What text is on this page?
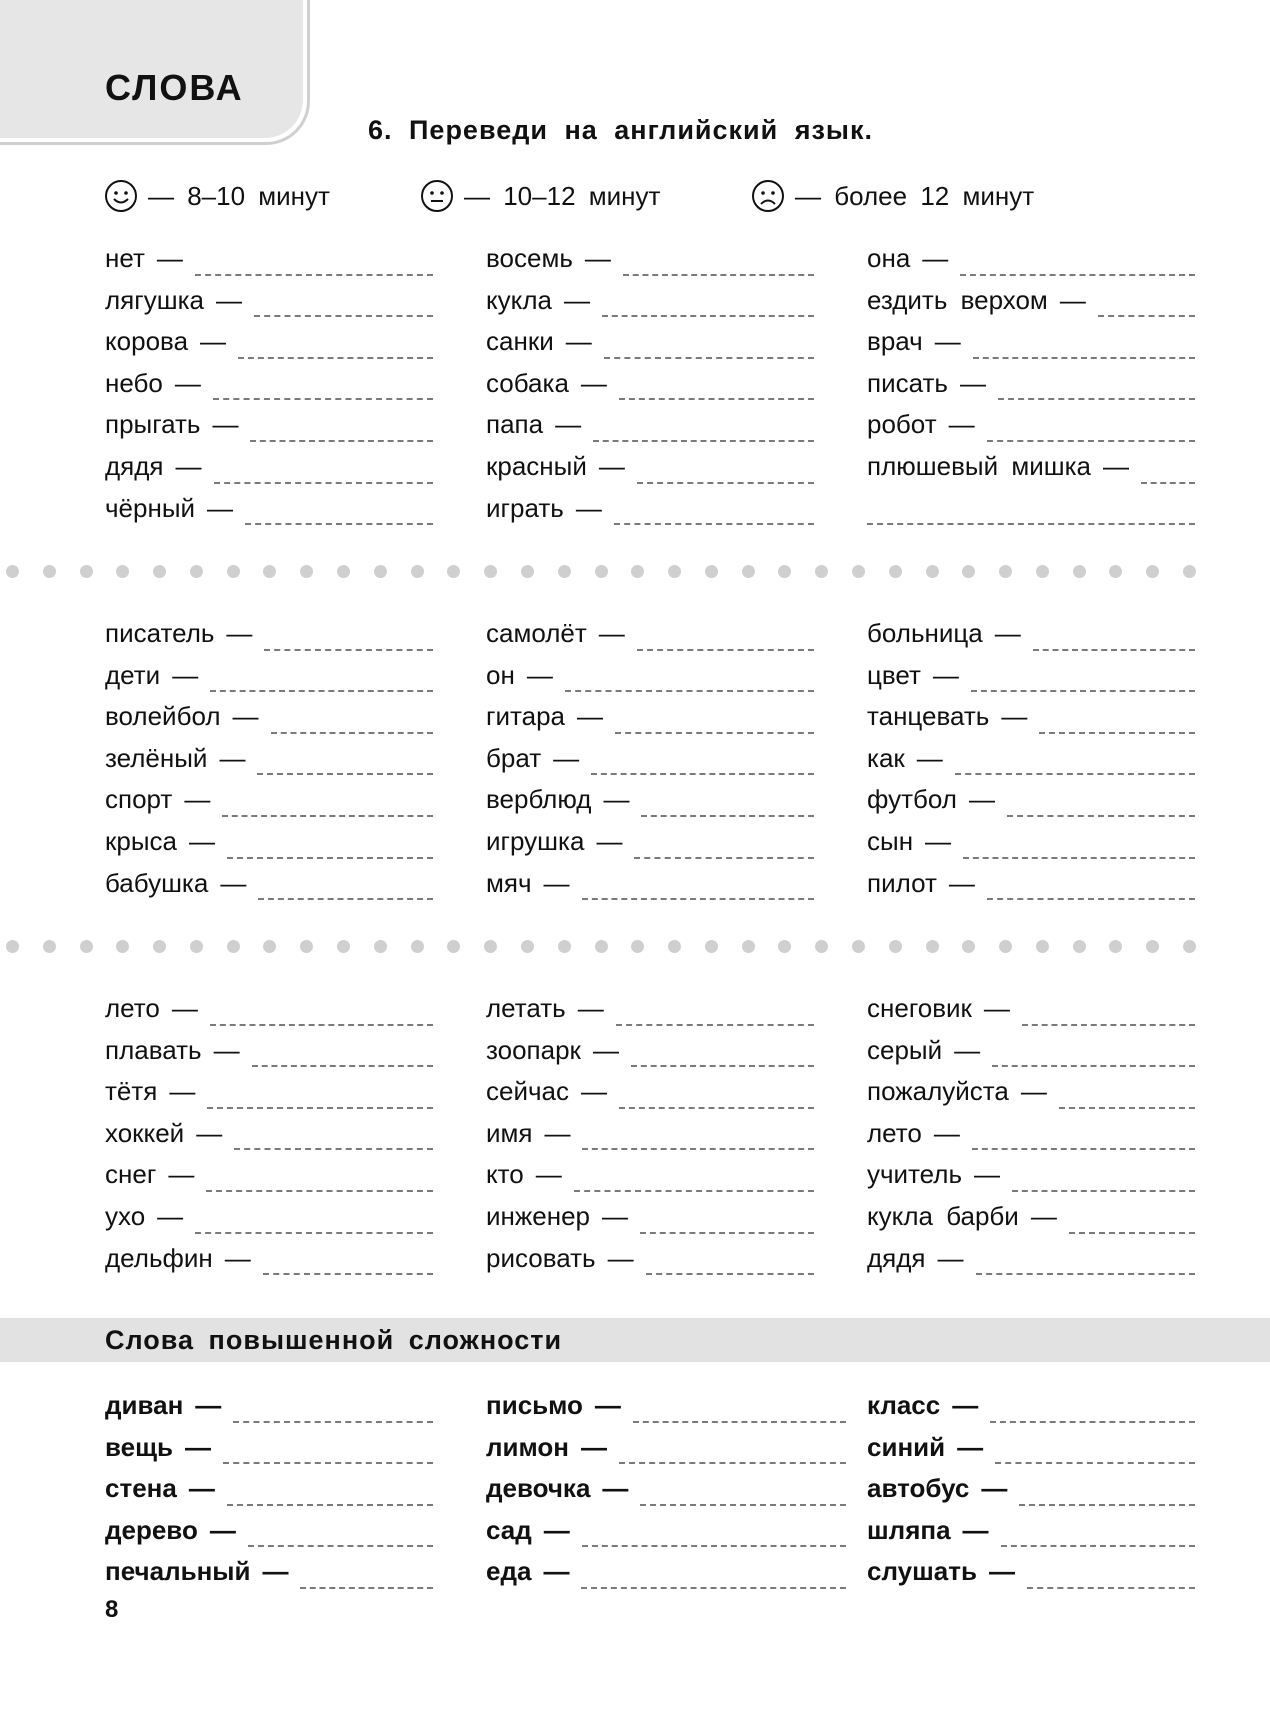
СЛОВА

6. Переведи на английский язык.

— 8–10 минут	— 10–12 минут	— более 12 минут
нет —
лягушка —
корова —
небо —
прыгать —
дядя —
чёрный —
восемь —
кукла —
санки —
собака —
папа —
красный —
играть —
она —
ездить верхом —
врач —
писать —
робот —
плюшевый мишка —
писатель —
дети —
волейбол —
зелёный —
спорт —
крыса —
бабушка —
самолёт —
он —
гитара —
брат —
верблюд —
игрушка —
мяч —
больница —
цвет —
танцевать —
как —
футбол —
сын —
пилот —
лето —
плавать —
тётя —
хоккей —
снег —
ухо —
дельфин —
летать —
зоопарк —
сейчас —
имя —
кто —
инженер —
рисовать —
снеговик —
серый —
пожалуйста —
лето —
учитель —
кукла барби —
дядя —
Слова повышенной сложности
диван —
вещь —
стена —
дерево —
печальный —
письмо —
лимон —
девочка —
сад —
еда —
класс —
синий —
автобус —
шляпа —
слушать —

8
